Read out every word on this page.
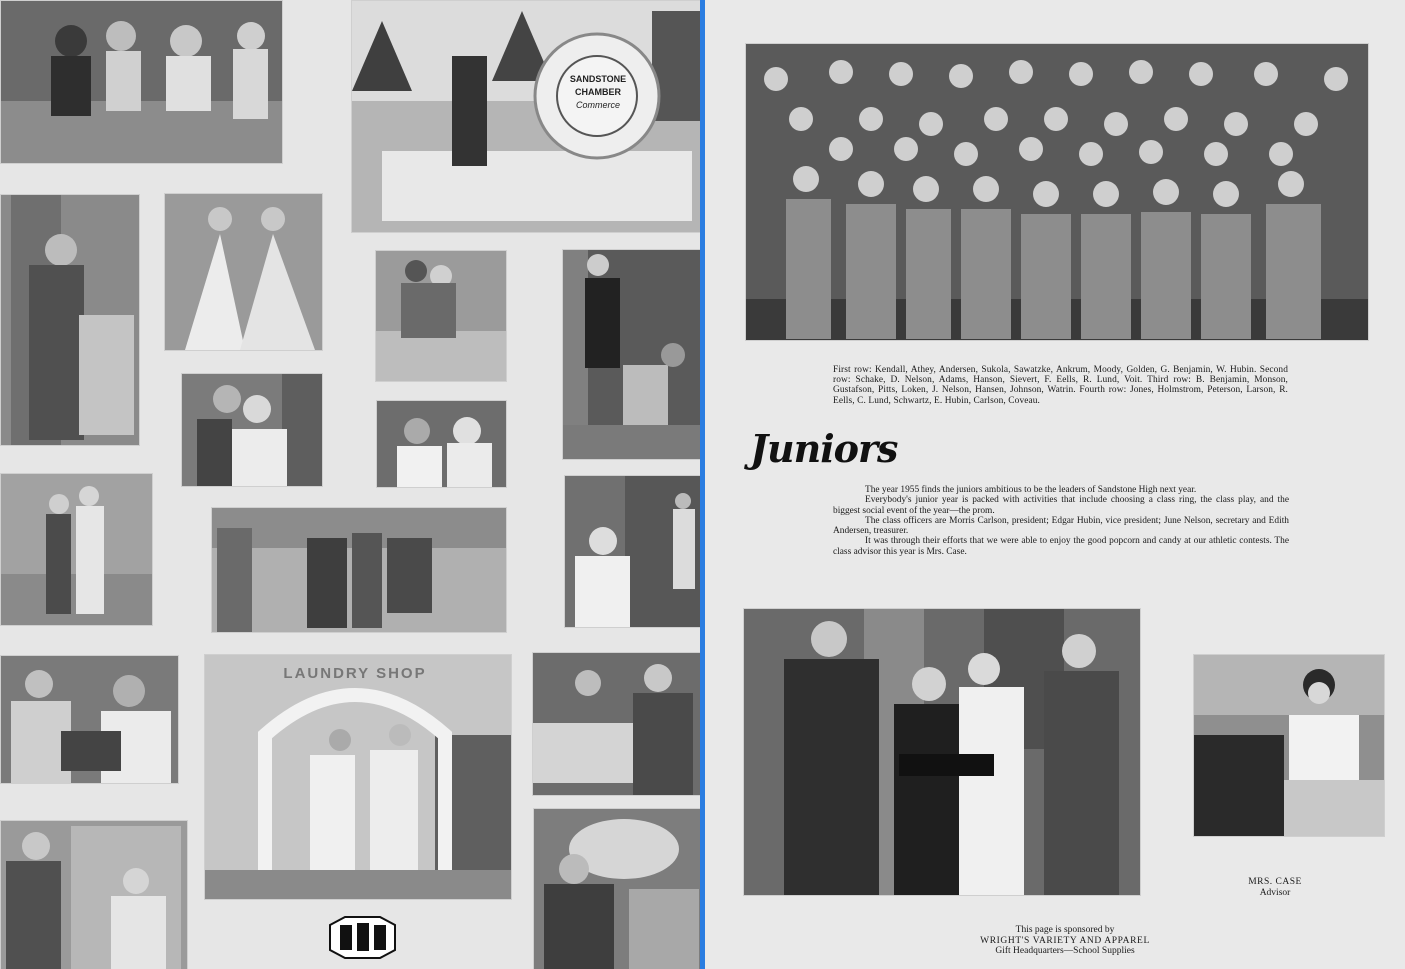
SANDSTONE
CHAMBER
Commerce
LAUNDRY SHOP
First row: Kendall, Athey, Andersen, Sukola, Sawatzke, Ankrum, Moody, Golden, G. Benjamin, W. Hubin. Second row: Schake, D. Nelson, Adams, Hanson, Sievert, F. Eells, R. Lund, Voit. Third row: B. Benjamin, Monson, Gustafson, Pitts, Loken, J. Nelson, Hansen, Johnson, Watrin. Fourth row: Jones, Holmstrom, Peterson, Larson, R. Eells, C. Lund, Schwartz, E. Hubin, Carlson, Coveau.
Juniors

The year 1955 finds the juniors ambitious to be the leaders of Sandstone High next year.

Everybody's junior year is packed with activities that include choosing a class ring, the class play, and the biggest social event of the year—the prom.

The class officers are Morris Carlson, president; Edgar Hubin, vice president; June Nelson, secretary and Edith Andersen, treasurer.

It was through their efforts that we were able to enjoy the good popcorn and candy at our athletic contests. The class advisor this year is Mrs. Case.

MRS. CASE
Advisor
This page is sponsored by
WRIGHT'S VARIETY AND APPAREL
Gift Headquarters—School Supplies
